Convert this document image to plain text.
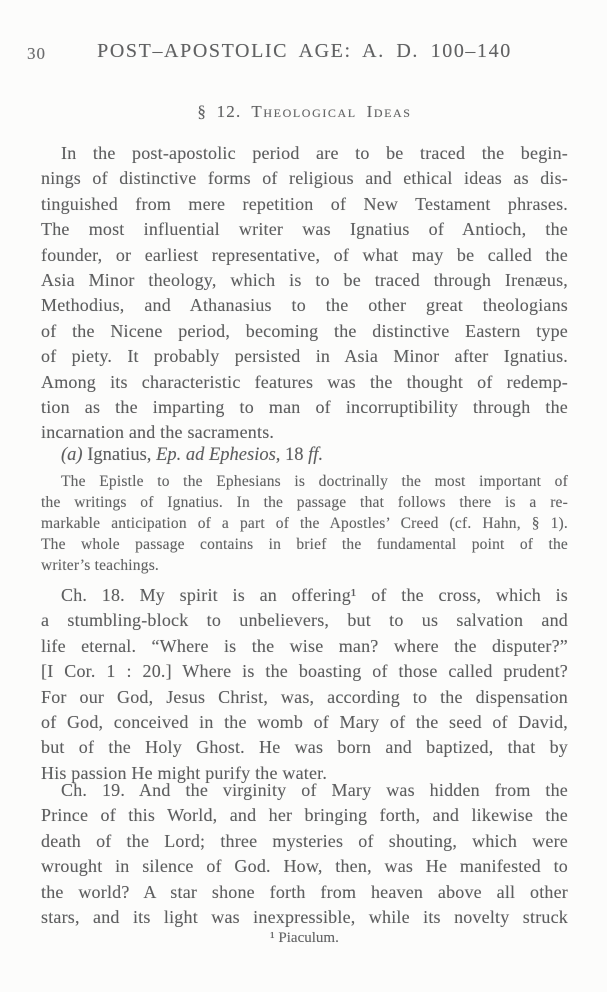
30	POST–APOSTOLIC AGE: A. D. 100–140
§ 12. Theological Ideas
In the post-apostolic period are to be traced the begin-
nings of distinctive forms of religious and ethical ideas as dis-
tinguished from mere repetition of New Testament phrases.
The most influential writer was Ignatius of Antioch, the
founder, or earliest representative, of what may be called the
Asia Minor theology, which is to be traced through Irenæus,
Methodius, and Athanasius to the other great theologians
of the Nicene period, becoming the distinctive Eastern type
of piety. It probably persisted in Asia Minor after Ignatius.
Among its characteristic features was the thought of redemp-
tion as the imparting to man of incorruptibility through the
incarnation and the sacraments.
(a) Ignatius, Ep. ad Ephesios, 18 ff.
The Epistle to the Ephesians is doctrinally the most important of
the writings of Ignatius. In the passage that follows there is a re-
markable anticipation of a part of the Apostles’ Creed (cf. Hahn, § 1).
The whole passage contains in brief the fundamental point of the
writer’s teachings.
Ch. 18. My spirit is an offering¹ of the cross, which is
a stumbling-block to unbelievers, but to us salvation and
life eternal. “Where is the wise man? where the disputer?”
[I Cor. 1 : 20.] Where is the boasting of those called prudent?
For our God, Jesus Christ, was, according to the dispensation
of God, conceived in the womb of Mary of the seed of David,
but of the Holy Ghost. He was born and baptized, that by
His passion He might purify the water.
Ch. 19. And the virginity of Mary was hidden from the
Prince of this World, and her bringing forth, and likewise the
death of the Lord; three mysteries of shouting, which were
wrought in silence of God. How, then, was He manifested to
the world? A star shone forth from heaven above all other
stars, and its light was inexpressible, while its novelty struck
¹ Piaculum.
